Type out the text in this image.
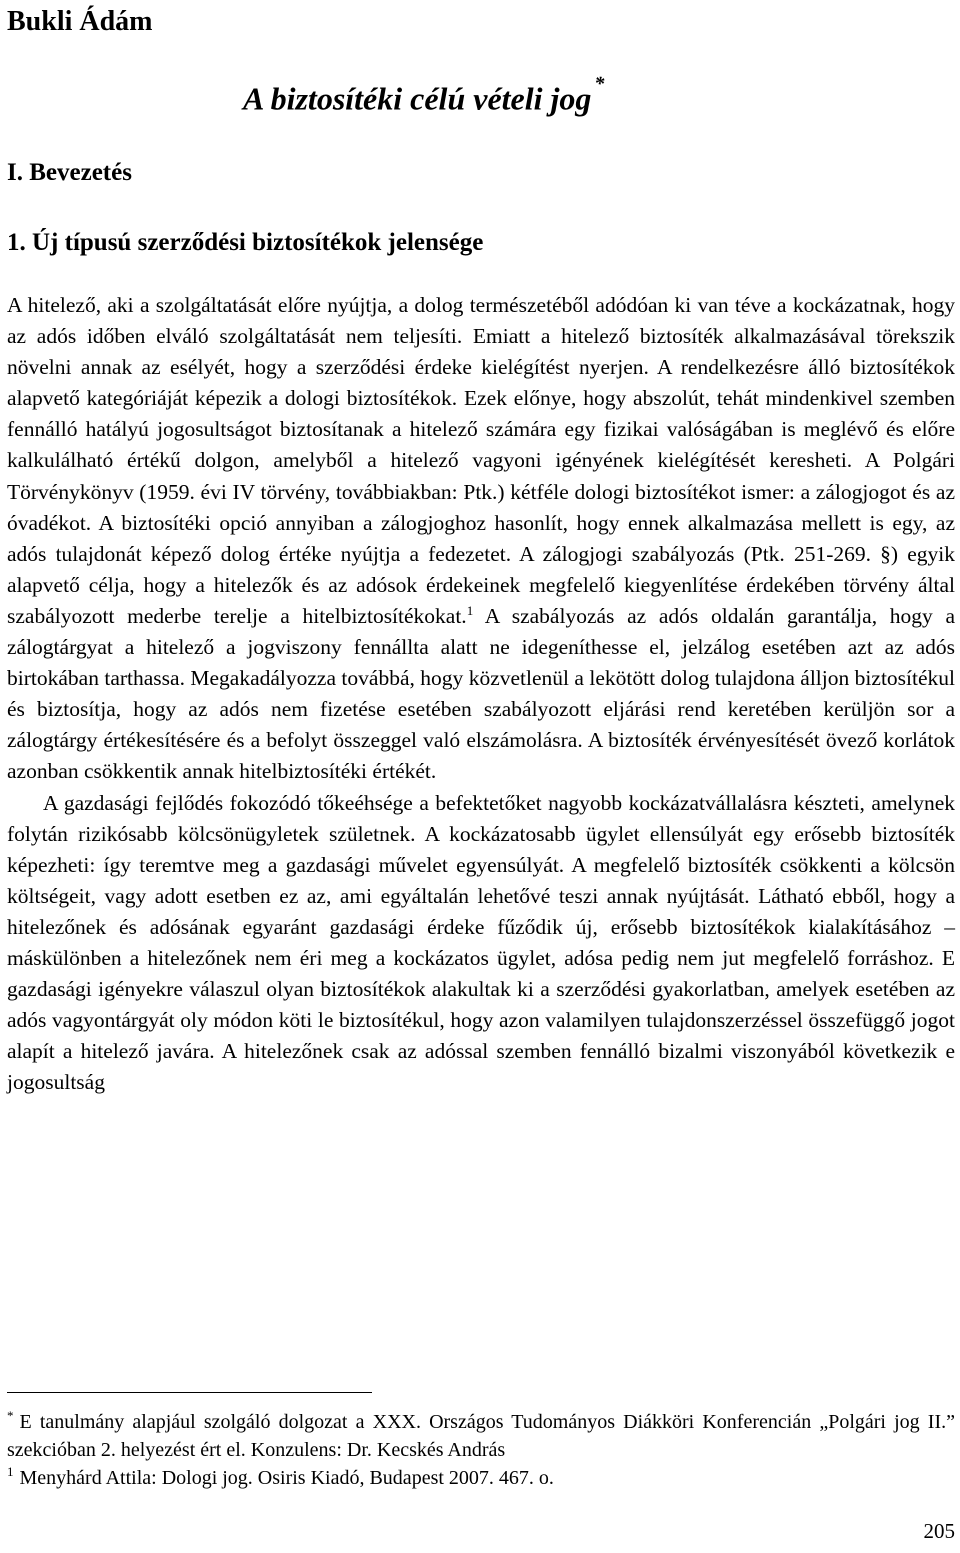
Bukli Ádám
A biztosítéki célú vételi jog *
I. Bevezetés
1. Új típusú szerződési biztosítékok jelensége

A hitelező, aki a szolgáltatását előre nyújtja, a dolog természetéből adódóan ki van téve a kockázatnak, hogy az adós időben elváló szolgáltatását nem teljesíti. Emiatt a hitelező biztosíték alkalmazásával törekszik növelni annak az esélyét, hogy a szerződési érdeke kielégítést nyerjen. A rendelkezésre álló biztosítékok alapvető kategóriáját képezik a dologi biztosítékok. Ezek előnye, hogy abszolút, tehát mindenkivel szemben fennálló hatályú jogosultságot biztosítanak a hitelező számára egy fizikai valóságában is meglévő és előre kalkulálható értékű dolgon, amelyből a hitelező vagyoni igényének kielégítését keresheti. A Polgári Törvénykönyv (1959. évi IV törvény, továbbiakban: Ptk.) kétféle dologi biztosítékot ismer: a zálogjogot és az óvadékot. A biztosítéki opció annyiban a zálogjoghoz hasonlít, hogy ennek alkalmazása mellett is egy, az adós tulajdonát képező dolog értéke nyújtja a fedezetet. A zálogjogi szabályozás (Ptk. 251-269. §) egyik alapvető célja, hogy a hitelezők és az adósok érdekeinek megfelelő kiegyenlítése érdekében törvény által szabályozott mederbe terelje a hitelbiztosítékokat.$^1$ A szabályozás az adós oldalán garantálja, hogy a zálogtárgyat a hitelező a jogviszony fennállta alatt ne idegeníthesse el, jelzálog esetében azt az adós birtokában tarthassa. Megakadályozza továbbá, hogy közvetlenül a lekötött dolog tulajdona álljon biztosítékul és biztosítja, hogy az adós nem fizetése esetében szabályozott eljárási rend keretében kerüljön sor a zálogtárgy értékesítésére és a befolyt összeggel való elszámolásra. A biztosíték érvényesítését övező korlátok azonban csökkentik annak hitelbiztosítéki értékét.

A gazdasági fejlődés fokozódó tőkeéhsége a befektetőket nagyobb kockázatvállalásra készteti, amelynek folytán rizikósabb kölcsönügyletek születnek. A kockázatosabb ügylet ellensúlyát egy erősebb biztosíték képezheti: így teremtve meg a gazdasági művelet egyensúlyát. A megfelelő biztosíték csökkenti a kölcsön költségeit, vagy adott esetben ez az, ami egyáltalán lehetővé teszi annak nyújtását. Látható ebből, hogy a hitelezőnek és adósának egyaránt gazdasági érdeke fűződik új, erősebb biztosítékok kialakításához – máskülönben a hitelezőnek nem éri meg a kockázatos ügylet, adósa pedig nem jut megfelelő forráshoz. E gazdasági igényekre válaszul olyan biztosítékok alakultak ki a szerződési gyakorlatban, amelyek esetében az adós vagyontárgyát oly módon köti le biztosítékul, hogy azon valamilyen tulajdonszerzéssel összefüggő jogot alapít a hitelező javára. A hitelezőnek csak az adóssal szemben fennálló bizalmi viszonyából következik e jogosultság

* E tanulmány alapjául szolgáló dolgozat a XXX. Országos Tudományos Diákköri Konferencián „Polgári jog II.” szekcióban 2. helyezést ért el. Konzulens: Dr. Kecskés András

$^1$ Menyhárd Attila: Dologi jog. Osiris Kiadó, Budapest 2007. 467. o.

205
